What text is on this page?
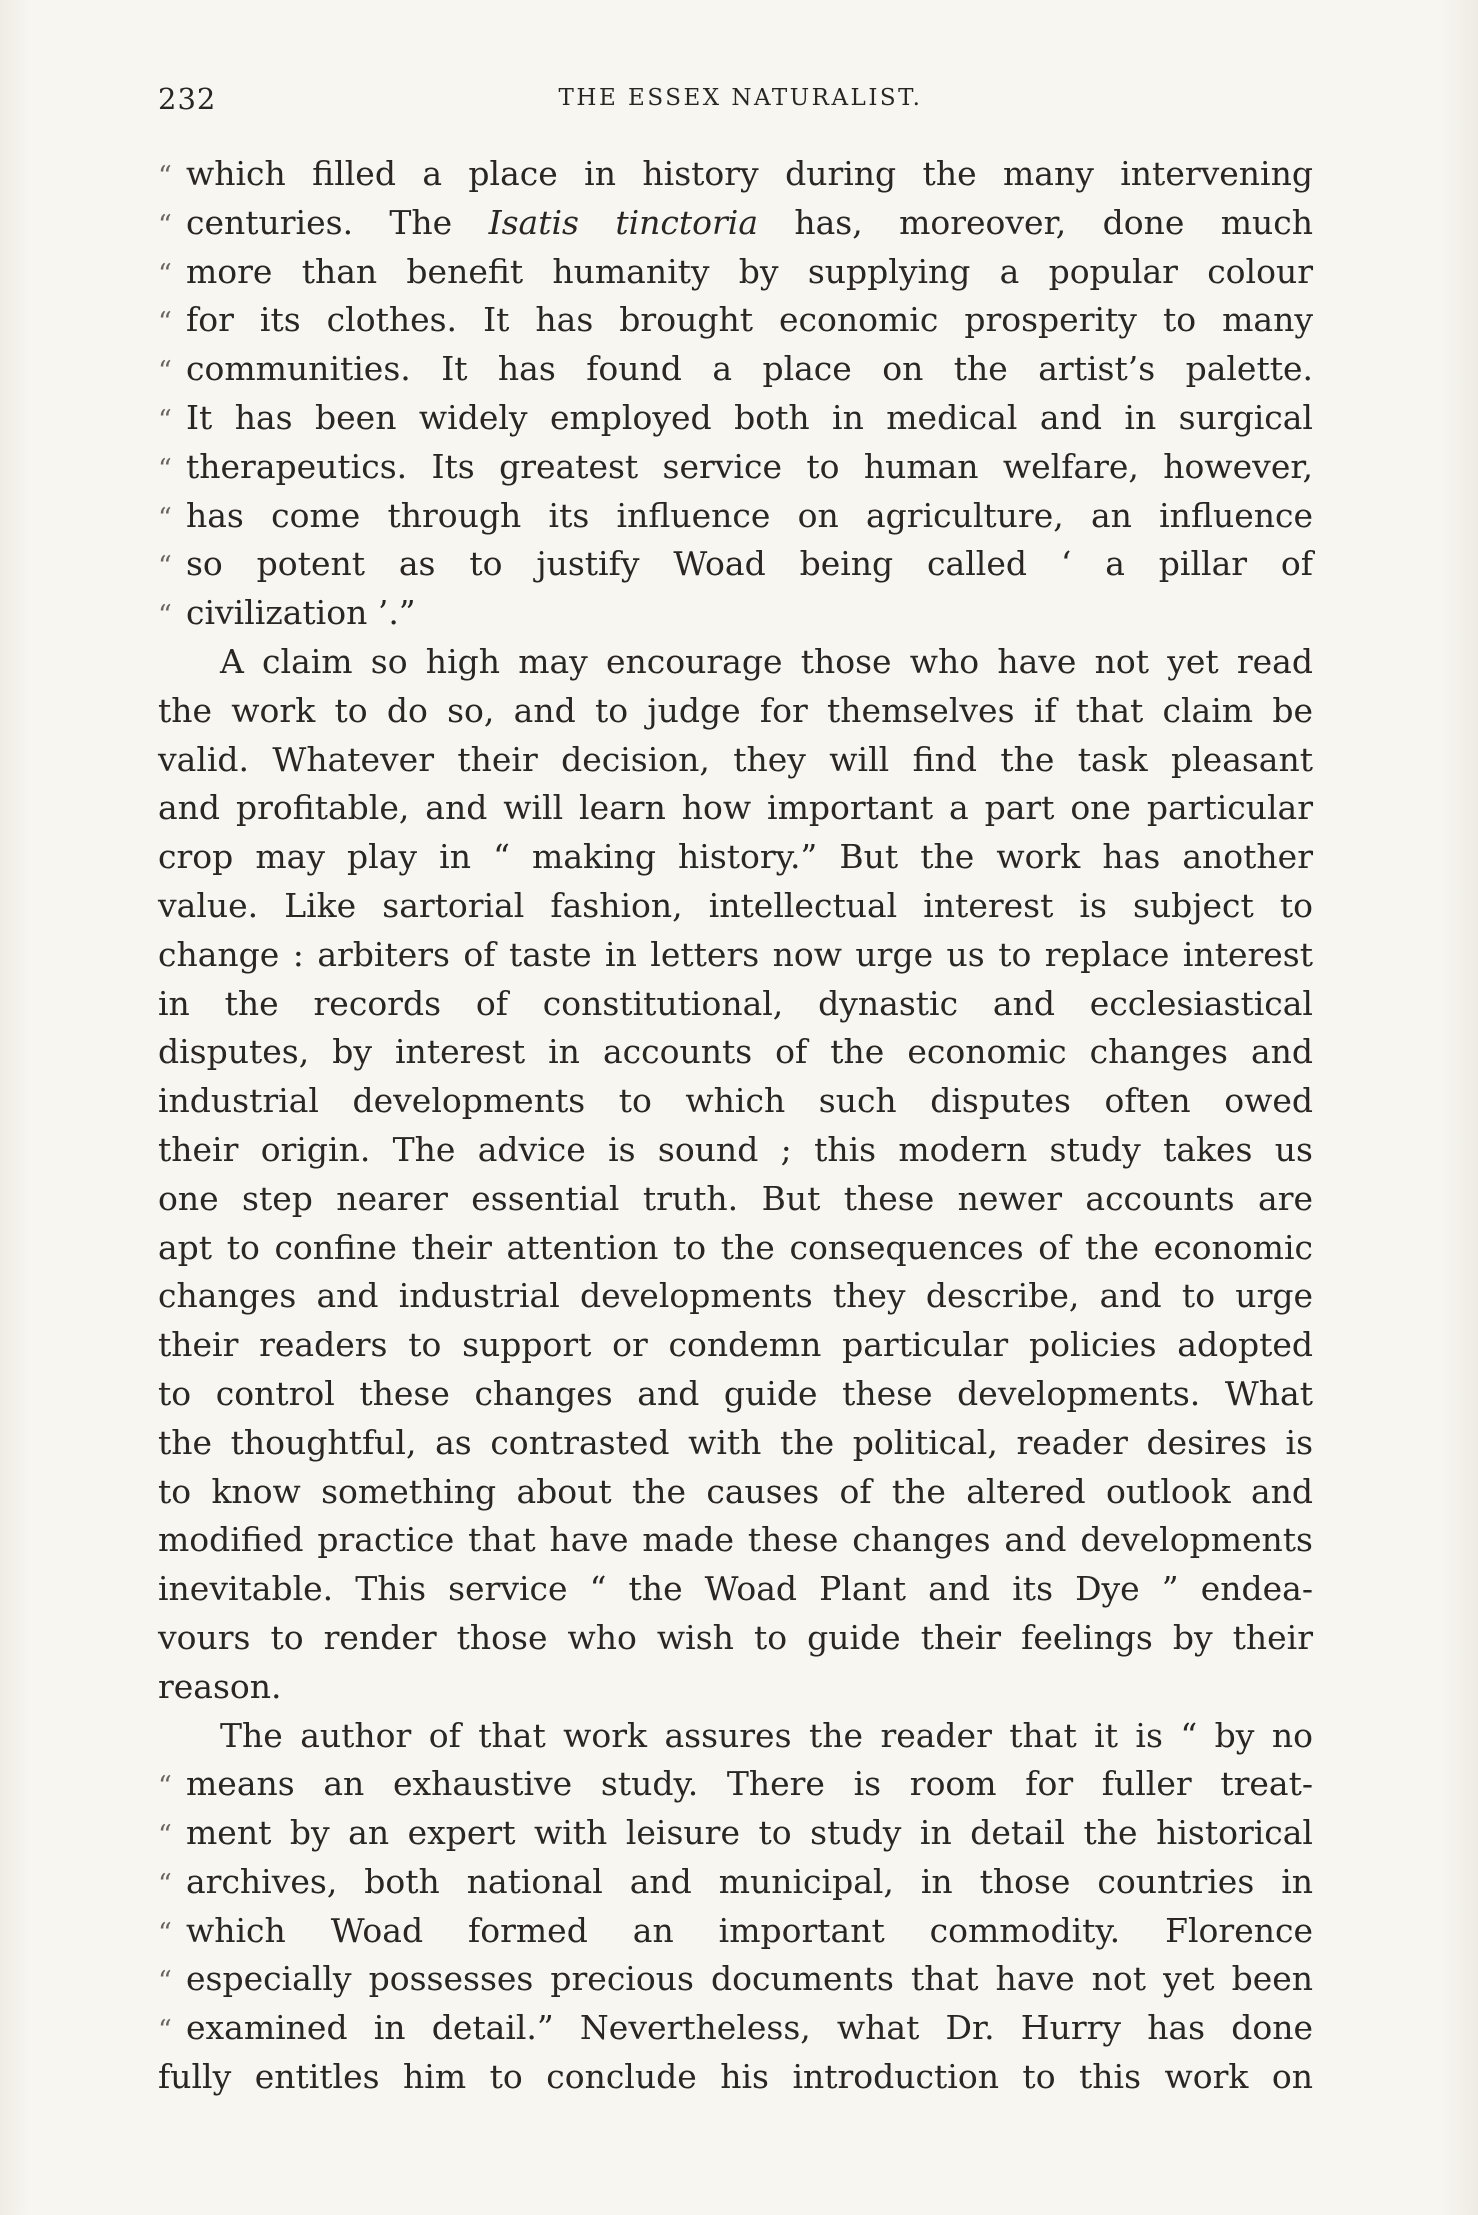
232	THE ESSEX NATURALIST.
“ which filled a place in history during the many intervening
“ centuries. The Isatis tinctoria has, moreover, done much
“ more than benefit humanity by supplying a popular colour
“ for its clothes. It has brought economic prosperity to many
“ communities. It has found a place on the artist’s palette.
“ It has been widely employed both in medical and in surgical
“ therapeutics. Its greatest service to human welfare, however,
“ has come through its influence on agriculture, an influence
“ so potent as to justify Woad being called ‘ a pillar of
“ civilization ’.”
A claim so high may encourage those who have not yet read
the work to do so, and to judge for themselves if that claim be
valid. Whatever their decision, they will find the task pleasant
and profitable, and will learn how important a part one particular
crop may play in “ making history.” But the work has another
value. Like sartorial fashion, intellectual interest is subject to
change : arbiters of taste in letters now urge us to replace interest
in the records of constitutional, dynastic and ecclesiastical
disputes, by interest in accounts of the economic changes and
industrial developments to which such disputes often owed
their origin. The advice is sound ; this modern study takes us
one step nearer essential truth. But these newer accounts are
apt to confine their attention to the consequences of the economic
changes and industrial developments they describe, and to urge
their readers to support or condemn particular policies adopted
to control these changes and guide these developments. What
the thoughtful, as contrasted with the political, reader desires is
to know something about the causes of the altered outlook and
modified practice that have made these changes and developments
inevitable. This service “ the Woad Plant and its Dye ” endea-
vours to render those who wish to guide their feelings by their
reason.
The author of that work assures the reader that it is “ by no
“ means an exhaustive study. There is room for fuller treat-
“ ment by an expert with leisure to study in detail the historical
“ archives, both national and municipal, in those countries in
“ which Woad formed an important commodity. Florence
“ especially possesses precious documents that have not yet been
“ examined in detail.” Nevertheless, what Dr. Hurry has done
fully entitles him to conclude his introduction to this work on
